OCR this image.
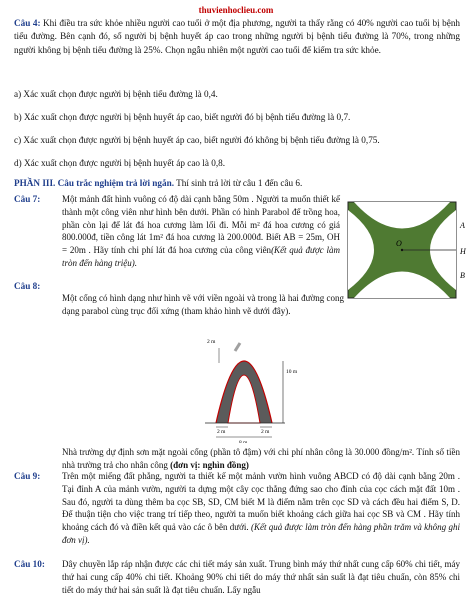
thuvienhoclieu.com

Câu 4: Khi điều tra sức khỏe nhiều người cao tuổi ở một địa phương, người ta thấy rằng có 40% người cao tuổi bị bệnh tiểu đường. Bên cạnh đó, số người bị bệnh huyết áp cao trong những người bị bệnh tiểu đường là 70%, trong những người không bị bệnh tiểu đường là 25%. Chọn ngẫu nhiên một người cao tuổi để kiểm tra sức khỏe.

a) Xác xuất chọn được người bị bệnh tiểu đường là 0,4.

b) Xác xuất chọn được người bị bệnh huyết áp cao, biết người đó bị bệnh tiểu đường là 0,7.

c) Xác xuất chọn được người bị bệnh huyết áp cao, biết người đó không bị bệnh tiểu đường là 0,75.

d) Xác xuất chọn được người bị bệnh huyết áp cao là 0,8.

PHẦN III. Câu trắc nghiệm trả lời ngắn. Thí sinh trả lời từ câu 1 đến câu 6.

Câu 7: Một mảnh đất hình vuông có độ dài cạnh bằng 50m . Người ta muốn thiết kế thành một công viên như hình bên dưới. Phần có hình Parabol để trồng hoa, phần còn lại để lát đá hoa cương làm lối đi. Mỗi m² đá hoa cương có giá 800.000đ, tiền công lát 1m² đá hoa cương là 200.000đ. Biết AB = 25m, OH = 20m . Hãy tính chi phí lát đá hoa cương của công viên(Kết quả được làm tròn đến hàng triệu).

O
A
H
B
Câu 8:

Một cổng có hình dạng như hình vẽ với viền ngoài và trong là hai đường cong dạng parabol cùng trục đối xứng (tham khảo hình vẽ dưới đây).

2 m
10 m
2 m	2 m
8 m

Nhà trường dự định sơn mặt ngoài cổng (phần tô đậm) với chi phí nhân công là 30.000 đồng/m². Tính số tiền nhà trường trả cho nhân công (đơn vị: nghìn đồng)

Câu 9: Trên một miếng đất phẳng, người ta thiết kế một mảnh vườn hình vuông ABCD có độ dài cạnh bằng 20m . Tại đỉnh A của mảnh vườn, người ta dựng một cây cọc thẳng đứng sao cho đỉnh của cọc cách mặt đất 10m . Sau đó, người ta dùng thêm ba cọc SB, SD, CM biết M là điểm nằm trên cọc SD và cách đều hai điểm S, D. Để thuận tiện cho việc trang trí tiếp theo, người ta muốn biết khoảng cách giữa hai cọc SB và CM . Hãy tính khoảng cách đó và điền kết quả vào các ô bên dưới. (Kết quả được làm tròn đến hàng phần trăm và không ghi đơn vị).

Câu 10: Dây chuyền lắp ráp nhận được các chi tiết máy sản xuất. Trung bình máy thứ nhất cung cấp 60% chi tiết, máy thứ hai cung cấp 40% chi tiết. Khoảng 90% chi tiết do máy thứ nhất sản suất là đạt tiêu chuẩn, còn 85% chi tiết do máy thứ hai sản suất là đạt tiêu chuẩn. Lấy ngẫu
